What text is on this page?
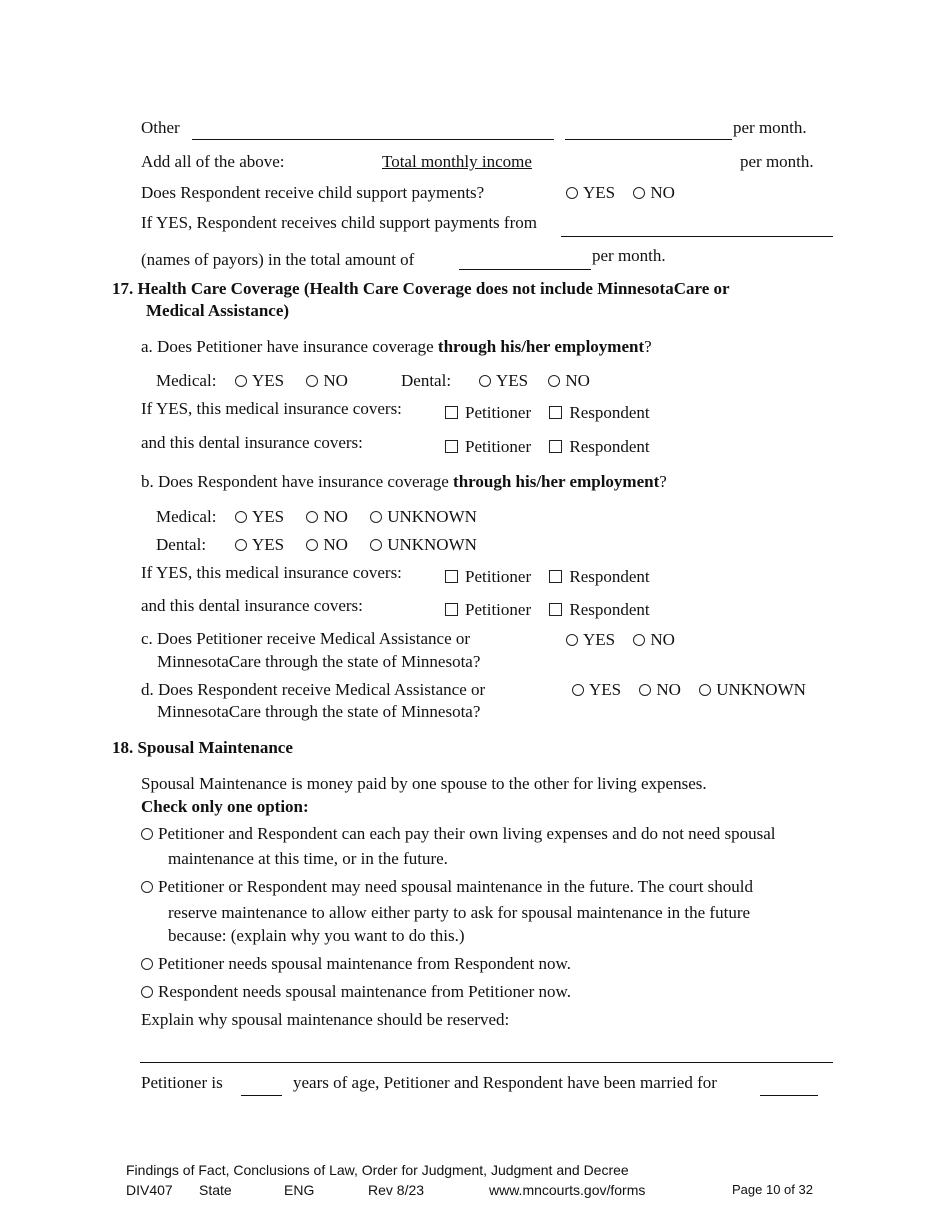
Other	per month.
Add all of the above:	Total monthly income	per month.
Does Respondent receive child support payments?	YES NO
If YES, Respondent receives child support payments from
(names of payors) in the total amount of	per month.
17. Health Care Coverage (Health Care Coverage does not include MinnesotaCare or
Medical Assistance)
a. Does Petitioner have insurance coverage through his/her employment?
Medical:	YES NO	Dental:	YES NO
If YES, this medical insurance covers:	Petitioner Respondent
and this dental insurance covers:	Petitioner Respondent
b. Does Respondent have insurance coverage through his/her employment?
Medical:	YES NO UNKNOWN
Dental:	YES NO UNKNOWN
If YES, this medical insurance covers:	Petitioner Respondent
and this dental insurance covers:	Petitioner Respondent
c. Does Petitioner receive Medical Assistance or
MinnesotaCare through the state of Minnesota?
YES NO
d. Does Respondent receive Medical Assistance or
MinnesotaCare through the state of Minnesota?
YES NO UNKNOWN
18. Spousal Maintenance
Spousal Maintenance is money paid by one spouse to the other for living expenses.
Check only one option:
Petitioner and Respondent can each pay their own living expenses and do not need spousal
maintenance at this time, or in the future.
Petitioner or Respondent may need spousal maintenance in the future. The court should
reserve maintenance to allow either party to ask for spousal maintenance in the future
because: (explain why you want to do this.)
Petitioner needs spousal maintenance from Respondent now.
Respondent needs spousal maintenance from Petitioner now.
Explain why spousal maintenance should be reserved:
Petitioner is	years of age, Petitioner and Respondent have been married for
Findings of Fact, Conclusions of Law, Order for Judgment, Judgment and Decree
DIV407 State	ENG	Rev 8/23	www.mncourts.gov/forms	Page 10 of 32
